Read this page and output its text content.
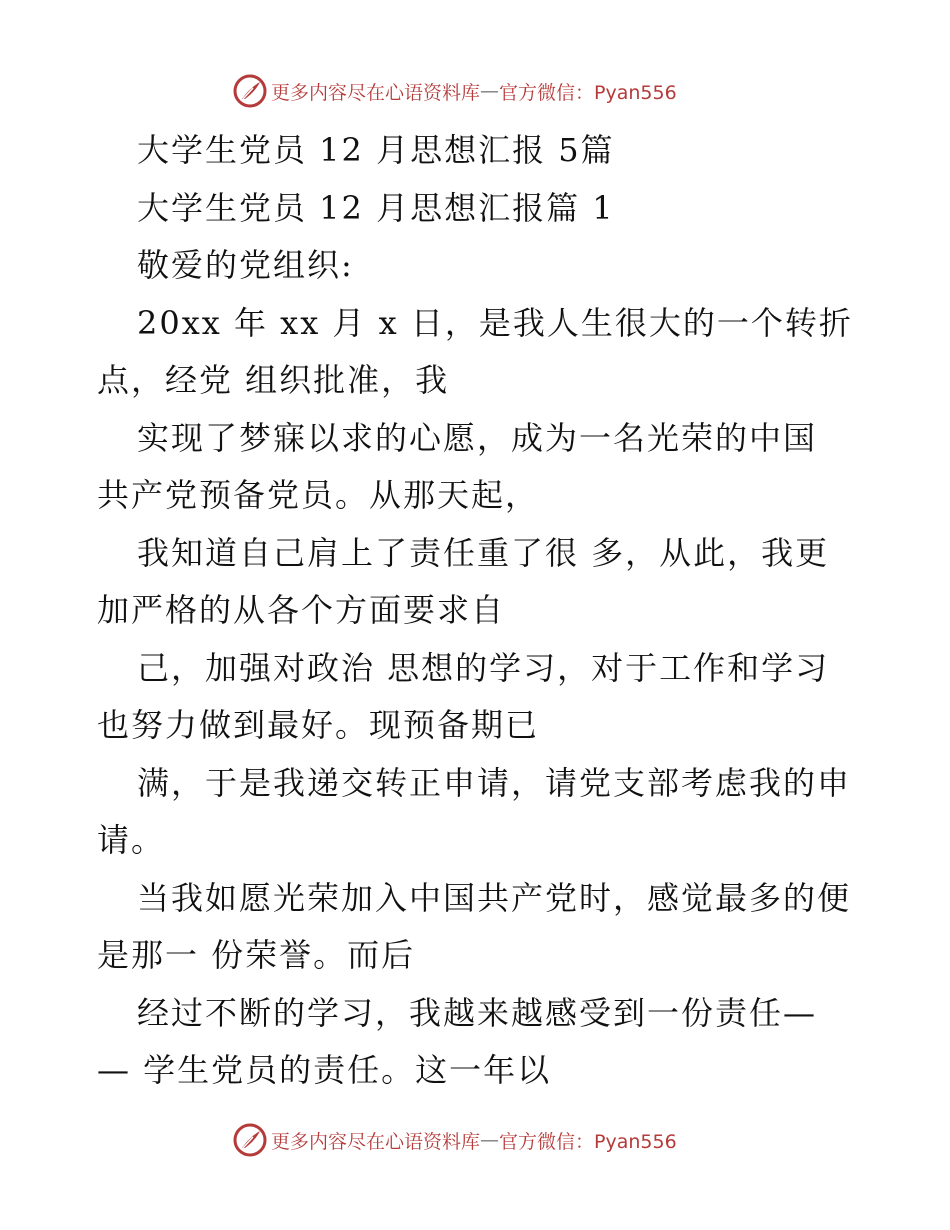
更多内容尽在心语资料库 — 官方微信：Pyan556
大学生党员 12 月思想汇报 5篇
大学生党员 12 月思想汇报篇 1
敬爱的党组织:
20xx 年 xx 月 x 日，是我人生很大的一个转折
点，经党 组织批准，我
实现了梦寐以求的心愿，成为一名光荣的中国
共产党预备党员。从那天起，
我知道自己肩上了责任重了很 多，从此，我更
加严格的从各个方面要求自
己，加强对政治 思想的学习，对于工作和学习
也努力做到最好。现预备期已
满，于是我递交转正申请，请党支部考虑我的申
请。
当我如愿光荣加入中国共产党时，感觉最多的便
是那一 份荣誉。而后
经过不断的学习，我越来越感受到一份责任—
— 学生党员的责任。这一年以
更多内容尽在心语资料库 — 官方微信：Pyan556
